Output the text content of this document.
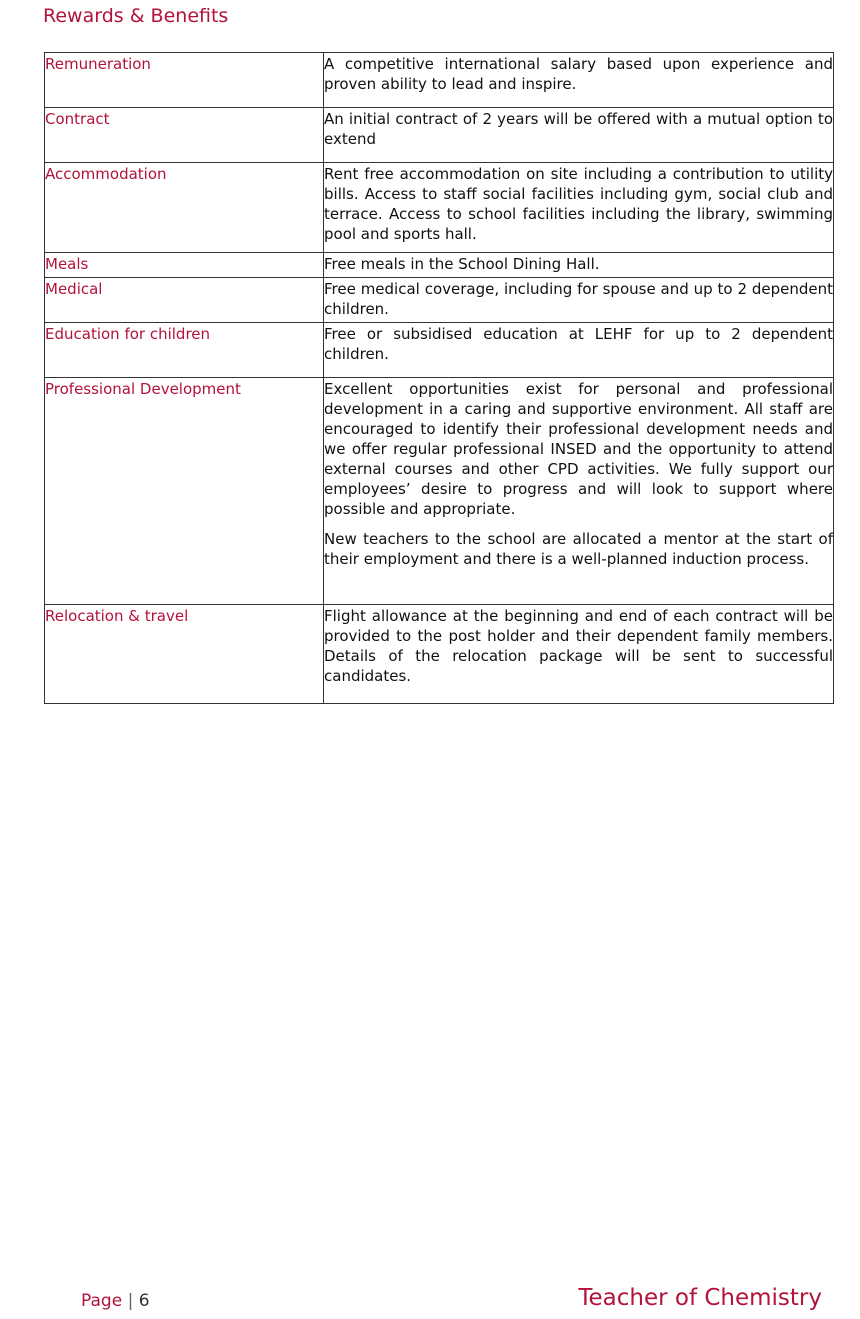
Rewards & Benefits
Remuneration	A competitive international salary based upon experience and proven ability to lead and inspire.

Contract	An initial contract of 2 years will be offered with a mutual option to extend

Accommodation	Rent free accommodation on site including a contribution to utility bills. Access to staff social facilities including gym, social club and terrace. Access to school facilities including the library, swimming pool and sports hall.

Meals	Free meals in the School Dining Hall.

Medical	Free medical coverage, including for spouse and up to 2 dependent children.

Education for children	Free or subsidised education at LEHF for up to 2 dependent children.

Professional Development	Excellent opportunities exist for personal and professional development in a caring and supportive environment. All staff are encouraged to identify their professional development needs and we offer regular professional INSED and the opportunity to attend external courses and other CPD activities. We fully support our employees’ desire to progress and will look to support where possible and appropriate.

New teachers to the school are allocated a mentor at the start of their employment and there is a well-planned induction process.

Relocation & travel	Flight allowance at the beginning and end of each contract will be provided to the post holder and their dependent family members. Details of the relocation package will be sent to successful candidates.

Page | 6	Teacher of Chemistry
